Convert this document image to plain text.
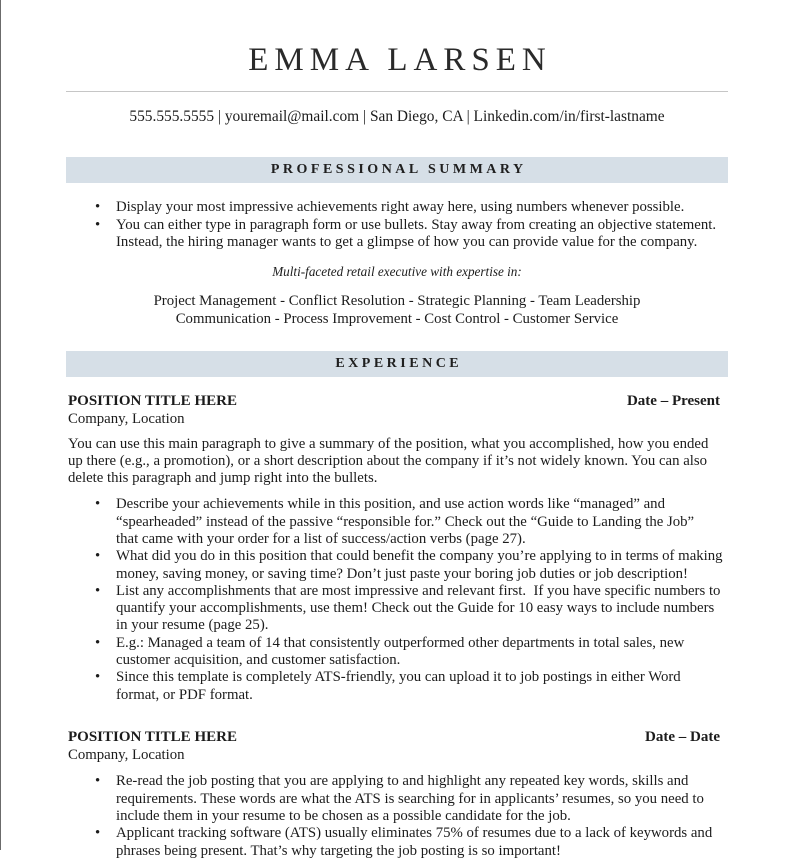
EMMA LARSEN
555.555.5555 | youremail@mail.com | San Diego, CA | Linkedin.com/in/first-lastname
PROFESSIONAL SUMMARY
•
Display your most impressive achievements right away here, using numbers whenever possible.
•
You can either type in paragraph form or use bullets. Stay away from creating an objective statement.
Instead, the hiring manager wants to get a glimpse of how you can provide value for the company.
Multi-faceted retail executive with expertise in:
Project Management - Conflict Resolution - Strategic Planning - Team Leadership
Communication - Process Improvement - Cost Control - Customer Service
EXPERIENCE
POSITION TITLE HERE	Date – Present
Company, Location
You can use this main paragraph to give a summary of the position, what you accomplished, how you ended
up there (e.g., a promotion), or a short description about the company if it’s not widely known. You can also
delete this paragraph and jump right into the bullets.
•
Describe your achievements while in this position, and use action words like “managed” and
“spearheaded” instead of the passive “responsible for.” Check out the “Guide to Landing the Job”
that came with your order for a list of success/action verbs (page 27).
•
What did you do in this position that could benefit the company you’re applying to in terms of making
money, saving money, or saving time? Don’t just paste your boring job duties or job description!
•
List any accomplishments that are most impressive and relevant first.  If you have specific numbers to
quantify your accomplishments, use them! Check out the Guide for 10 easy ways to include numbers
in your resume (page 25).
•
E.g.: Managed a team of 14 that consistently outperformed other departments in total sales, new
customer acquisition, and customer satisfaction.
•
Since this template is completely ATS-friendly, you can upload it to job postings in either Word
format, or PDF format.
POSITION TITLE HERE	Date – Date
Company, Location
•
Re-read the job posting that you are applying to and highlight any repeated key words, skills and
requirements. These words are what the ATS is searching for in applicants’ resumes, so you need to
include them in your resume to be chosen as a possible candidate for the job.
•
Applicant tracking software (ATS) usually eliminates 75% of resumes due to a lack of keywords and
phrases being present. That’s why targeting the job posting is so important!
